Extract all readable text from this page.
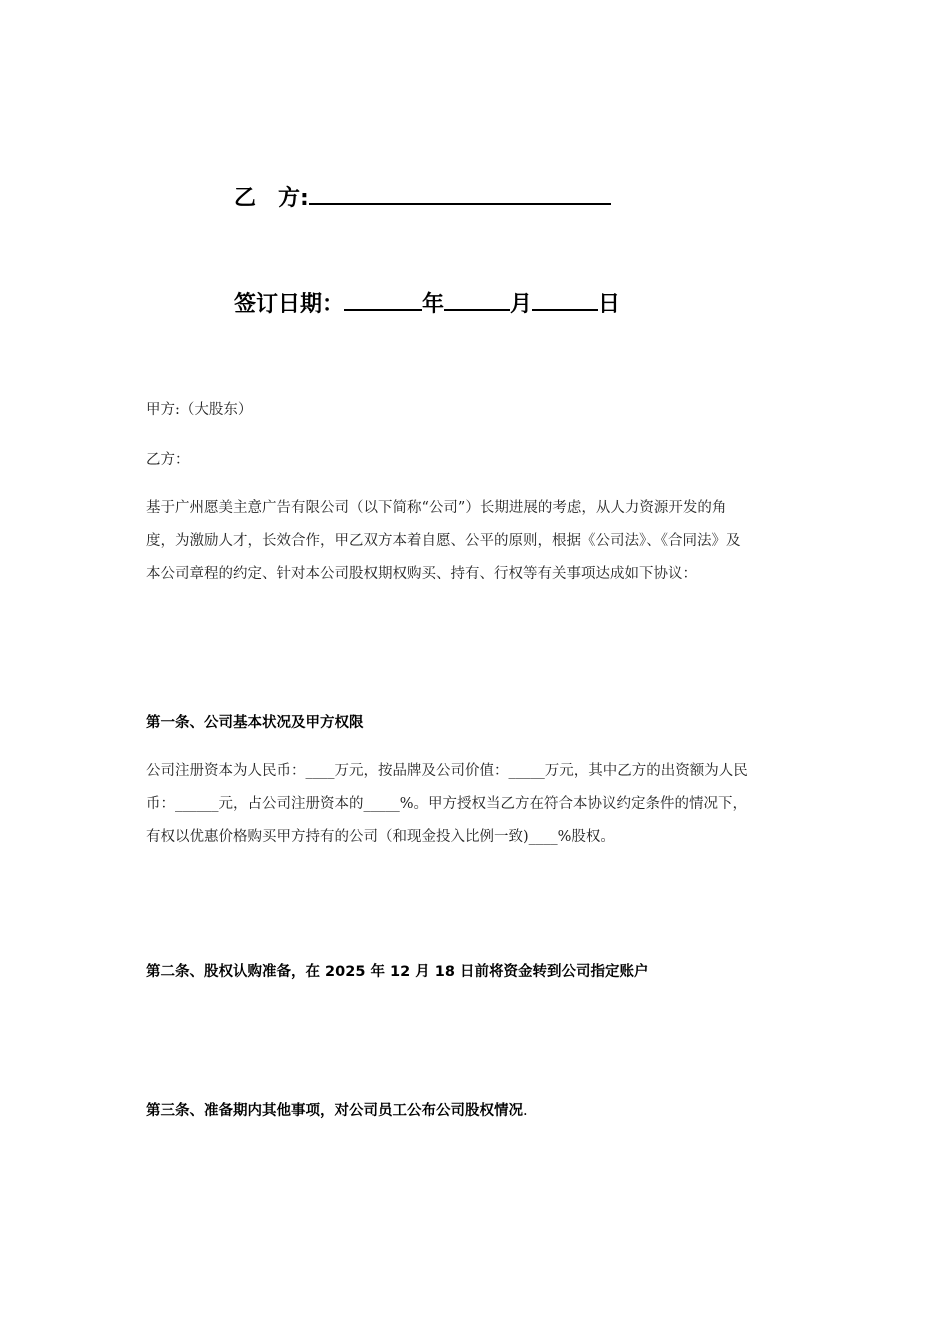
乙　方:
签订日期：	年	月	日
甲方:（大股东）
乙方：
基于广州愿美主意广告有限公司（以下简称“公司”）长期进展的考虑，从人力资源开发的角
度，为激励人才，长效合作，甲乙双方本着自愿、公平的原则，根据《公司法》、《合同法》及
本公司章程的约定、针对本公司股权期权购买、持有、行权等有关事项达成如下协议：
第一条、公司基本状况及甲方权限
公司注册资本为人民币：____万元，按品牌及公司价值：_____万元，其中乙方的出资额为人民
币：______元，占公司注册资本的_____%。甲方授权当乙方在符合本协议约定条件的情况下，
有权以优惠价格购买甲方持有的公司（和现金投入比例一致)____%股权。
第二条、股权认购准备，在 2025 年 12 月 18 日前将资金转到公司指定账户
第三条、准备期内其他事项，对公司员工公布公司股权情况.
